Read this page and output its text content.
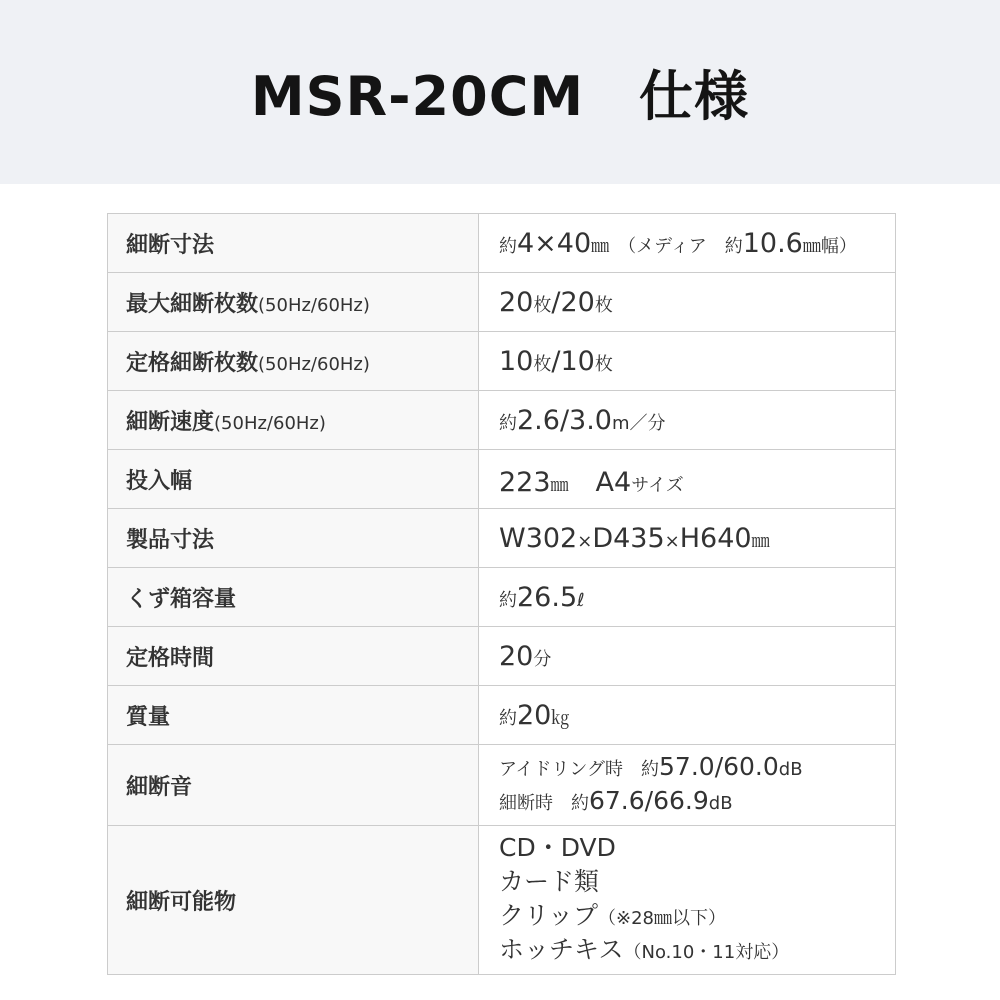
MSR-20CM　仕様
細断寸法	約4×40㎜　（メディア　約10.6㎜幅）

最大細断枚数(50Hz/60Hz)	20枚/20枚

定格細断枚数(50Hz/60Hz)	10枚/10枚

細断速度(50Hz/60Hz)	約2.6/3.0m／分

投入幅	223㎜　A4サイズ

製品寸法	W302×D435×H640㎜

くず箱容量	約26.5ℓ

定格時間	20分

質量	約20㎏

細断音	アイドリング時　約57.0/60.0dB
細断時　約67.6/66.9dB

細断可能物	CD・DVD
カード類
クリップ（※28㎜以下）
ホッチキス（No.10・11対応）
